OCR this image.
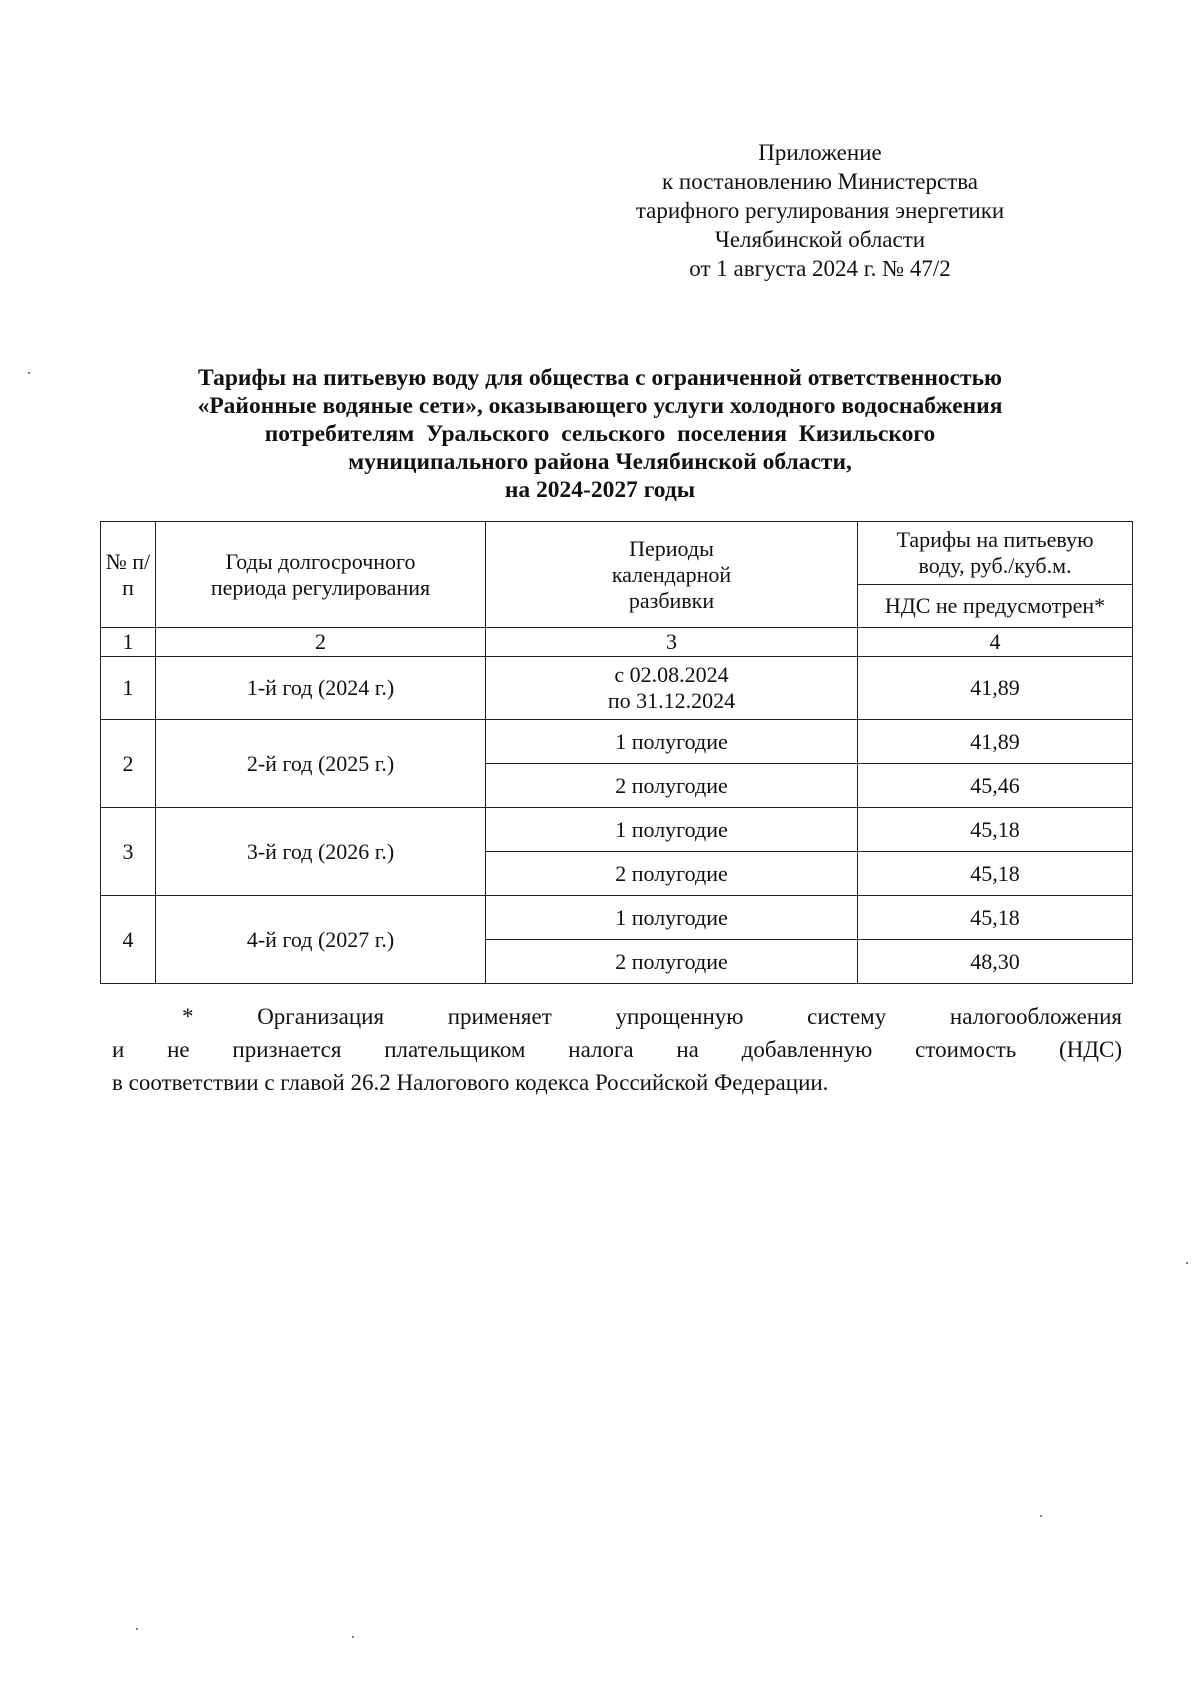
Приложение
к постановлению Министерства
тарифного регулирования энергетики
Челябинской области
от 1 августа 2024 г. № 47/2
Тарифы на питьевую воду для общества с ограниченной ответственностью
«Районные водяные сети», оказывающего услуги холодного водоснабжения
потребителям Уральского сельского поселения Кизильского
муниципального района Челябинской области,
на 2024-2027 годы
№ п/п	Годы долгосрочного периода регулирования	Периоды календарной разбивки	Тарифы на питьевую воду, руб./куб.м.
			НДС не предусмотрен*
1	2	3	4
1	1-й год (2024 г.)	с 02.08.2024 по 31.12.2024	41,89
2	2-й год (2025 г.)	1 полугодие	41,89
		2 полугодие	45,46
3	3-й год (2026 г.)	1 полугодие	45,18
		2 полугодие	45,18
4	4-й год (2027 г.)	1 полугодие	45,18
		2 полугодие	48,30
*	Организация	применяет	упрощенную	систему	налогообложения
и не признается плательщиком налога на добавленную стоимость (НДС)
в соответствии с главой 26.2 Налогового кодекса Российской Федерации.
